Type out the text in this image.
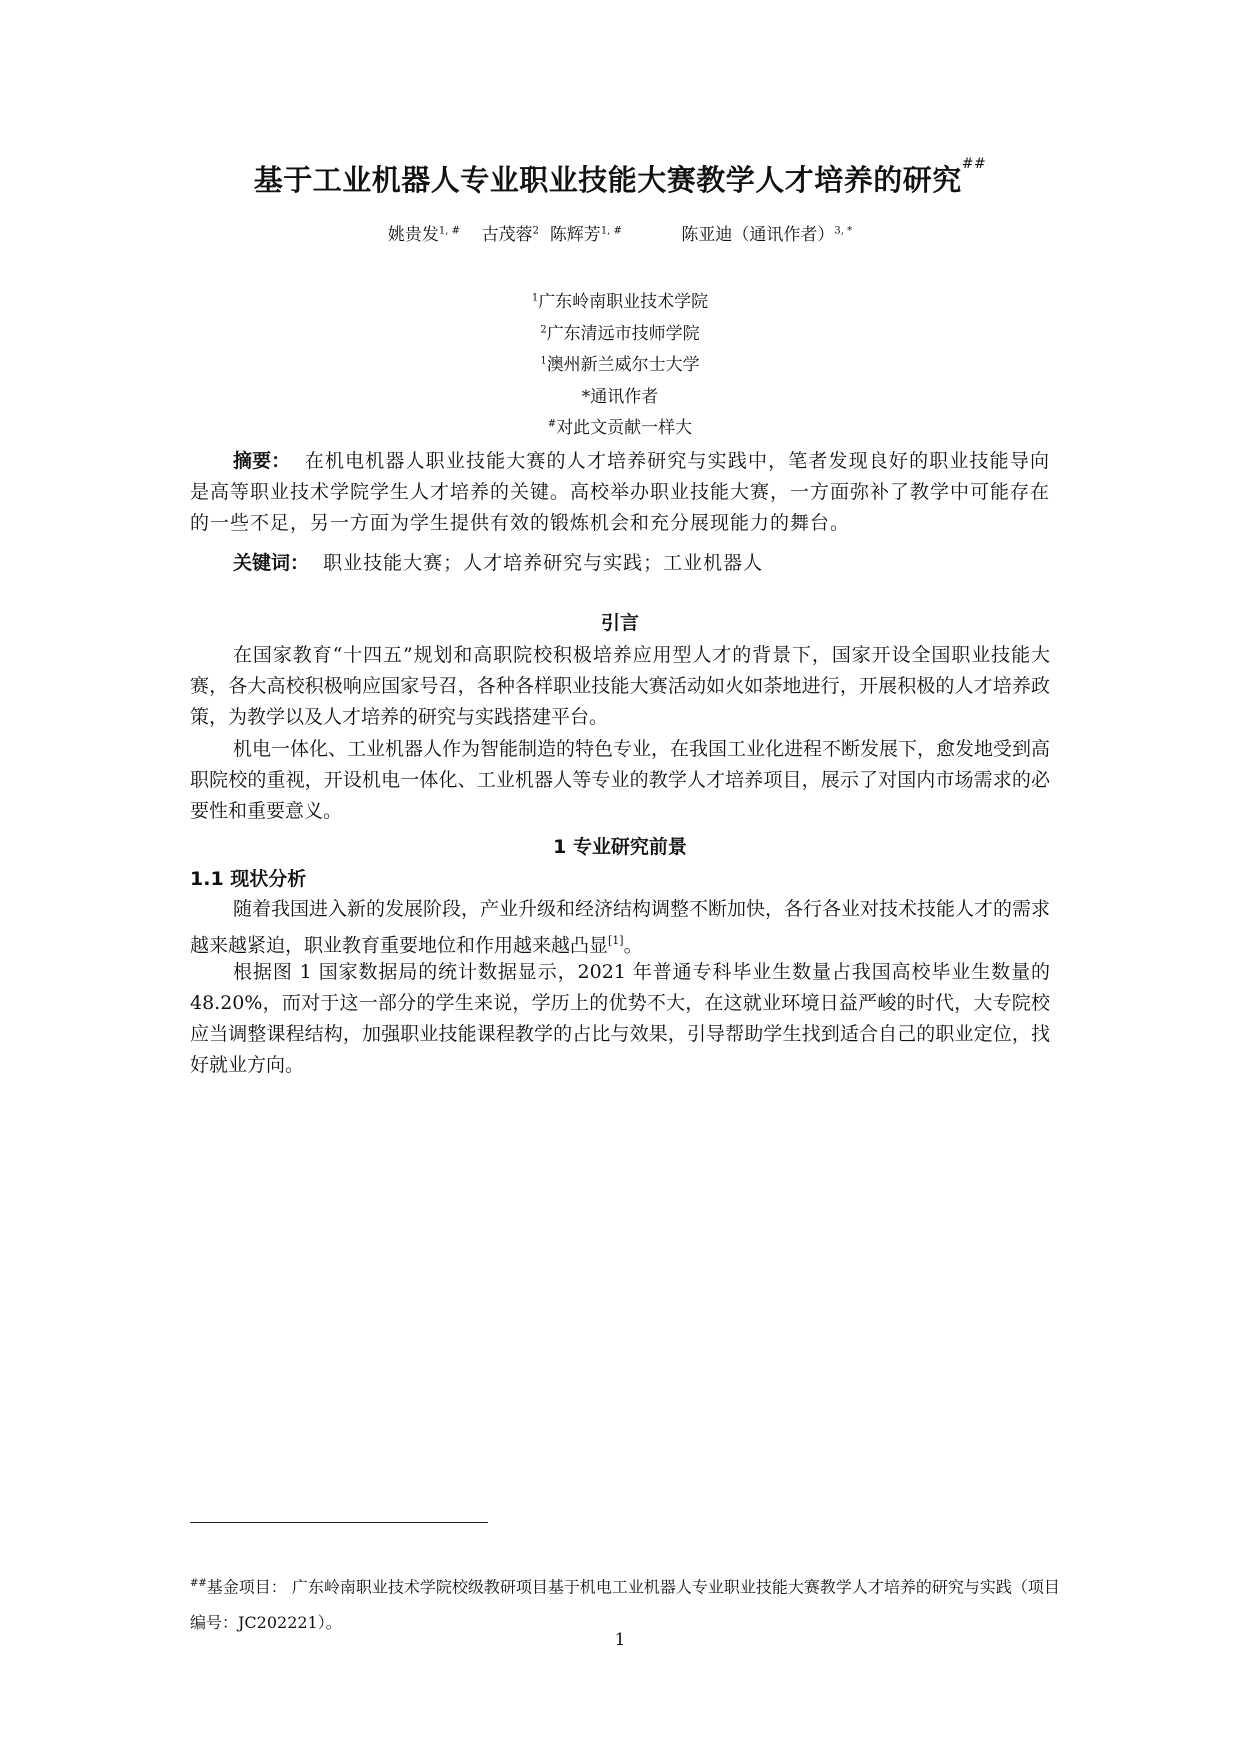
基于工业机器人专业职业技能大赛教学人才培养的研究##
姚贵发$^{1, \#}$ 古茂蓉$^2$ 陈辉芳$^{1, \#}$	陈亚迪（通讯作者）$^{3, *}$
$^1$广东岭南职业技术学院
$^2$广东清远市技师学院
$^1$澳州新兰威尔士大学
*通讯作者
#对此文贡献一样大

摘要： 在机电机器人职业技能大赛的人才培养研究与实践中，笔者发现良好的职业技能导向是高等职业技术学院学生人才培养的关键。高校举办职业技能大赛，一方面弥补了教学中可能存在的一些不足，另一方面为学生提供有效的锻炼机会和充分展现能力的舞台。

关键词： 职业技能大赛；人才培养研究与实践；工业机器人

引言

在国家教育“十四五”规划和高职院校积极培养应用型人才的背景下，国家开设全国职业技能大赛，各大高校积极响应国家号召，各种各样职业技能大赛活动如火如荼地进行，开展积极的人才培养政策，为教学以及人才培养的研究与实践搭建平台。

机电一体化、工业机器人作为智能制造的特色专业，在我国工业化进程不断发展下，愈发地受到高职院校的重视，开设机电一体化、工业机器人等专业的教学人才培养项目，展示了对国内市场需求的必要性和重要意义。

1 专业研究前景
1.1 现状分析

随着我国进入新的发展阶段，产业升级和经济结构调整不断加快，各行各业对技术技能人才的需求越来越紧迫，职业教育重要地位和作用越来越凸显[1]。

根据图 1 国家数据局的统计数据显示，2021 年普通专科毕业生数量占我国高校毕业生数量的 48.20%，而对于这一部分的学生来说，学历上的优势不大，在这就业环境日益严峻的时代，大专院校应当调整课程结构，加强职业技能课程教学的占比与效果，引导帮助学生找到适合自己的职业定位，找好就业方向。

##基金项目： 广东岭南职业技术学院校级教研项目基于机电工业机器人专业职业技能大赛教学人才培养的研究与实践（项目编号：JC202221）。
1
